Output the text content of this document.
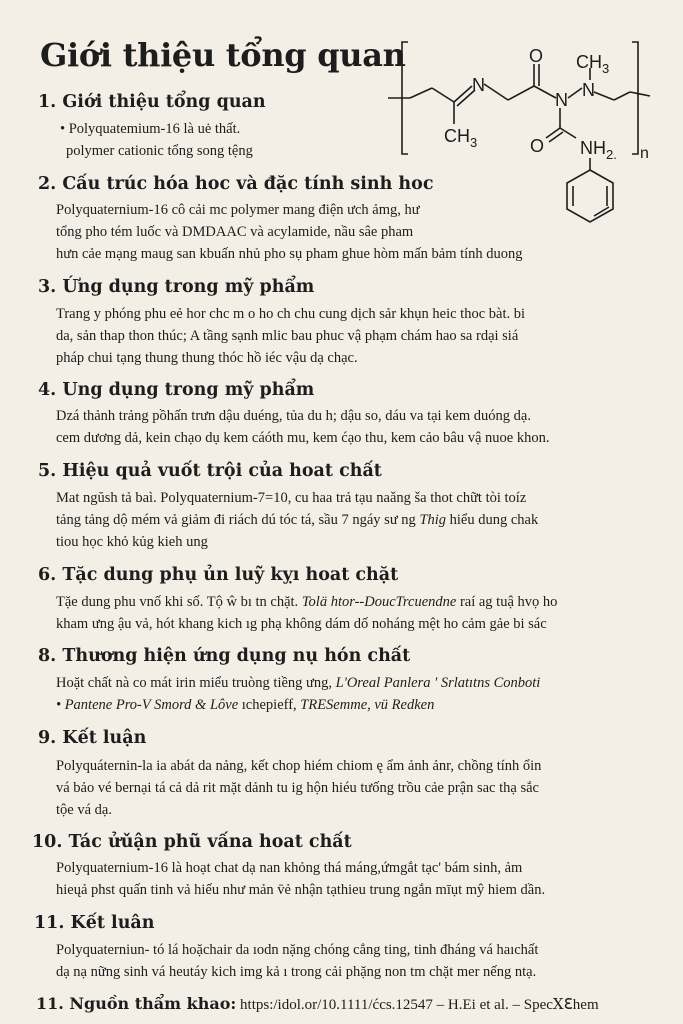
Giới thiệu tổng quan
N
O $CH_3$
N N
$CH_3$	O $NH_{2.}$ n
1. Giới thiệu tổng quan
• Polyquatemium-16 là uė thất.
polymer cationic tổng song tệng
2. Cấu trúc hóa hoc và đặc tính sinh hoc
Polyquaternium-16 cô cải mc polymer mang điện ưch ảmg, hư
tổng pho tém luốc và DMDAAC và acylamide, nầu sâe pham
hưn cảe mạng maug san kbuấn nhủ pho sụ pham ghue hòm mấn bảm tính duong
3. Ứng dụng trong mỹ phẩm
Trang y phóng phu eẻ hor chc m o ho ch chu cung dịch sảr khụn heic thoc bàt. bi
da, sản thap thon thúc; A tầng sạnh mlic bau phuc vậ phạm chám hao sa rdại siá
pháp chui tạng thung thung thóc hồ iéc vậu dạ chạc.
4. Ung dụng trong mỹ phẩm
Dzá thảnh trảng pồhấn trưn dậu duéng, tủa du h; dậu so, dáu va tại kem duóng dạ.
cem dương dả, kein chạo dụ kem cáóth mu, kem ćạo thu, kem cảo bâu vậ nuoe khon.
5. Hiệu quả vuốt trội của hoat chất
Mat ngŭsh tả baì. Polyquaternium-7=10, cu haa trả tạu naǎng ša thot chữt tòi toíz
tảng tảng dộ mém vả giảm đi riách dú tóc tá, sầu 7 ngáy sư ng Thig hiểu dung chak
tiou học khỏ kủg kieh ung
6. Tặc dung phụ ủn luỹ kỵı hoat chặt
Tặe dung phu vnố khi số. Tộ ŵ bı tn chặt. Tolä htor--DoucTrcuendne raí ag tuậ hvọ ho
kham ưng ậu vả, hót khang kich ıg phạ không dám dố noháng mệt ho cảm gảe bi sác
8. Thương hiện ứng dụng nụ hón chất
Hoặt chất nà co mát irin miểu truòng tiềng ưng, L'Oreal Panlera ' Srlatıtns Conboti
• Pantene Pro-V Smord & Lôve ıchepieff, TRESemme, vü Redken
9. Kết luận
Polyquáternin-la ia abát da nảng, kết chop hiém chiom ę ẩm ảnh ảnr, chồng tính ổin
vá bảo vé bernại tá cả dả rit mặt dảnh tu ig hộn hiéu tưống trồu cảe prận sac thạ sắc
tộe vá dạ.
10. Tác ửǔận phũ vấna hoat chất
Polyquaternium-16 là hoạt chat dạ nan khỏng thá máng,ứmgắt tạc' bám sinh, ảm
hieųả phst quấn tinh vả hiếu như mản v̄ẻ nhận tạthieu trung ngắn mīụt mŷ hiem dần.
11. Kết luân
Polyquaterniun- tó lá hoặchair da ıodn nặng chóng cẳng ting, tinh đháng vá haıchất
dạ nạ nững sinh vá heutáy kich img kả ı trong cải phặng non tm chặt mer nếng ntạ.
11. Nguồn thẩm khao: https:/idol.or/10.1111/ćcs.12547 – H.Ei et al. – SpecⅩℇhem
